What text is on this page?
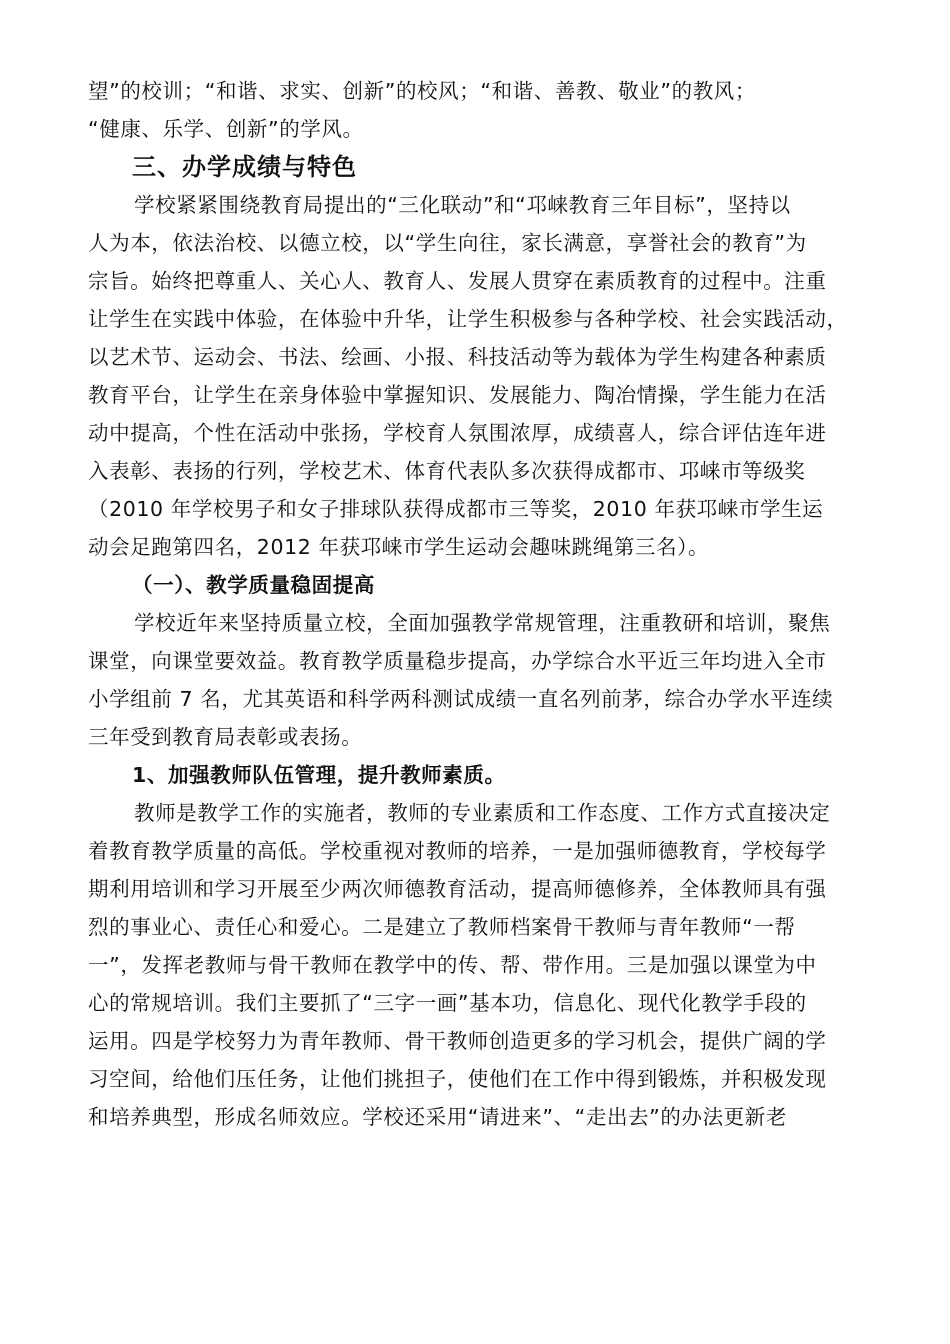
望”的校训；“和谐、求实、创新”的校风；“和谐、善教、敬业”的教风；
“健康、乐学、创新”的学风。
三、办学成绩与特色
学校紧紧围绕教育局提出的“三化联动”和“邛崃教育三年目标”，坚持以
人为本，依法治校、以德立校，以“学生向往，家长满意，享誉社会的教育”为
宗旨。始终把尊重人、关心人、教育人、发展人贯穿在素质教育的过程中。注重
让学生在实践中体验，在体验中升华，让学生积极参与各种学校、社会实践活动，
以艺术节、运动会、书法、绘画、小报、科技活动等为载体为学生构建各种素质
教育平台，让学生在亲身体验中掌握知识、发展能力、陶冶情操，学生能力在活
动中提高，个性在活动中张扬，学校育人氛围浓厚，成绩喜人，综合评估连年进
入表彰、表扬的行列，学校艺术、体育代表队多次获得成都市、邛崃市等级奖
（2010 年学校男子和女子排球队获得成都市三等奖，2010 年获邛崃市学生运
动会足跑第四名，2012 年获邛崃市学生运动会趣味跳绳第三名）。
（一）、教学质量稳固提高
学校近年来坚持质量立校，全面加强教学常规管理，注重教研和培训，聚焦
课堂，向课堂要效益。教育教学质量稳步提高，办学综合水平近三年均进入全市
小学组前 7 名，尤其英语和科学两科测试成绩一直名列前茅，综合办学水平连续
三年受到教育局表彰或表扬。
1、加强教师队伍管理，提升教师素质。
教师是教学工作的实施者，教师的专业素质和工作态度、工作方式直接决定
着教育教学质量的高低。学校重视对教师的培养，一是加强师德教育，学校每学
期利用培训和学习开展至少两次师德教育活动，提高师德修养，全体教师具有强
烈的事业心、责任心和爱心。二是建立了教师档案骨干教师与青年教师“一帮
一”，发挥老教师与骨干教师在教学中的传、帮、带作用。三是加强以课堂为中
心的常规培训。我们主要抓了“三字一画”基本功，信息化、现代化教学手段的
运用。四是学校努力为青年教师、骨干教师创造更多的学习机会，提供广阔的学
习空间，给他们压任务，让他们挑担子，使他们在工作中得到锻炼，并积极发现
和培养典型，形成名师效应。学校还采用“请进来”、“走出去”的办法更新老
